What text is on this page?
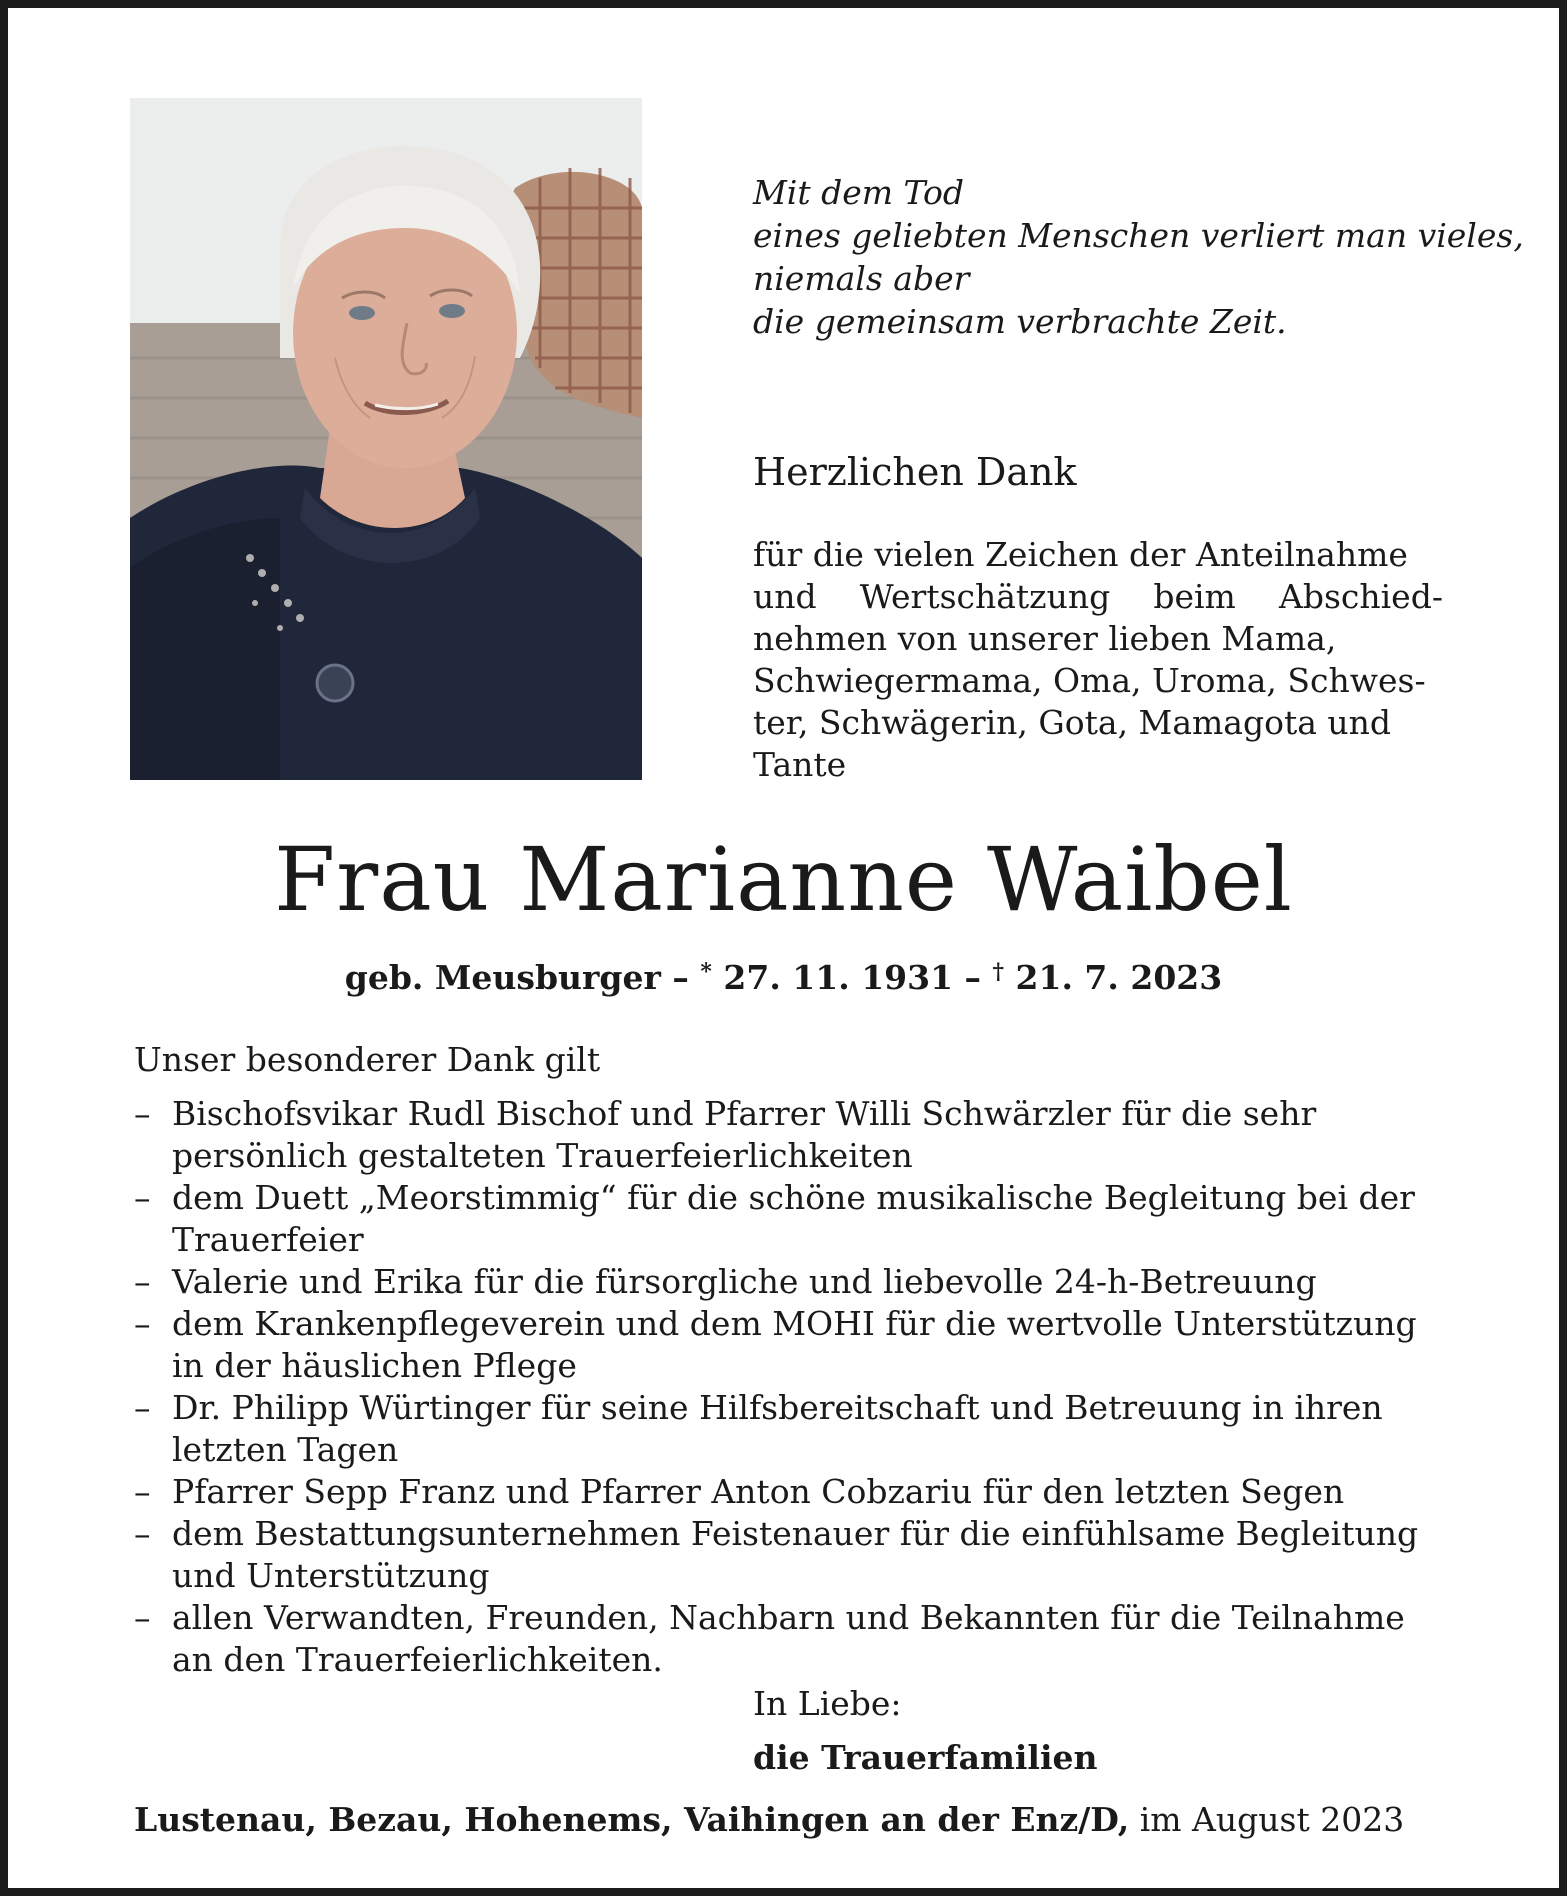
Mit dem Tod
eines geliebten Menschen verliert man vieles,
niemals aber
die gemeinsam verbrachte Zeit.
Herzlichen Dank
für die vielen Zeichen der Anteilnahme
und Wertschätzung beim Abschied-
nehmen von unserer lieben Mama,
Schwiegermama, Oma, Uroma, Schwes-
ter, Schwägerin, Gota, Mamagota und
Tante
Frau Marianne Waibel
geb. Meusburger – * 27. 11. 1931 – † 21. 7. 2023
Unser besonderer Dank gilt
– Bischofsvikar Rudl Bischof und Pfarrer Willi Schwärzler für die sehr
persönlich gestalteten Trauerfeierlichkeiten
– dem Duett „Meorstimmig“ für die schöne musikalische Begleitung bei der
Trauerfeier
– Valerie und Erika für die fürsorgliche und liebevolle 24-h-Betreuung
– dem Krankenpflegeverein und dem MOHI für die wertvolle Unterstützung
in der häuslichen Pflege
– Dr. Philipp Würtinger für seine Hilfsbereitschaft und Betreuung in ihren
letzten Tagen
– Pfarrer Sepp Franz und Pfarrer Anton Cobzariu für den letzten Segen
– dem Bestattungsunternehmen Feistenauer für die einfühlsame Begleitung
und Unterstützung
– allen Verwandten, Freunden, Nachbarn und Bekannten für die Teilnahme
an den Trauerfeierlichkeiten.
In Liebe:
die Trauerfamilien
Lustenau, Bezau, Hohenems, Vaihingen an der Enz/D, im August 2023
